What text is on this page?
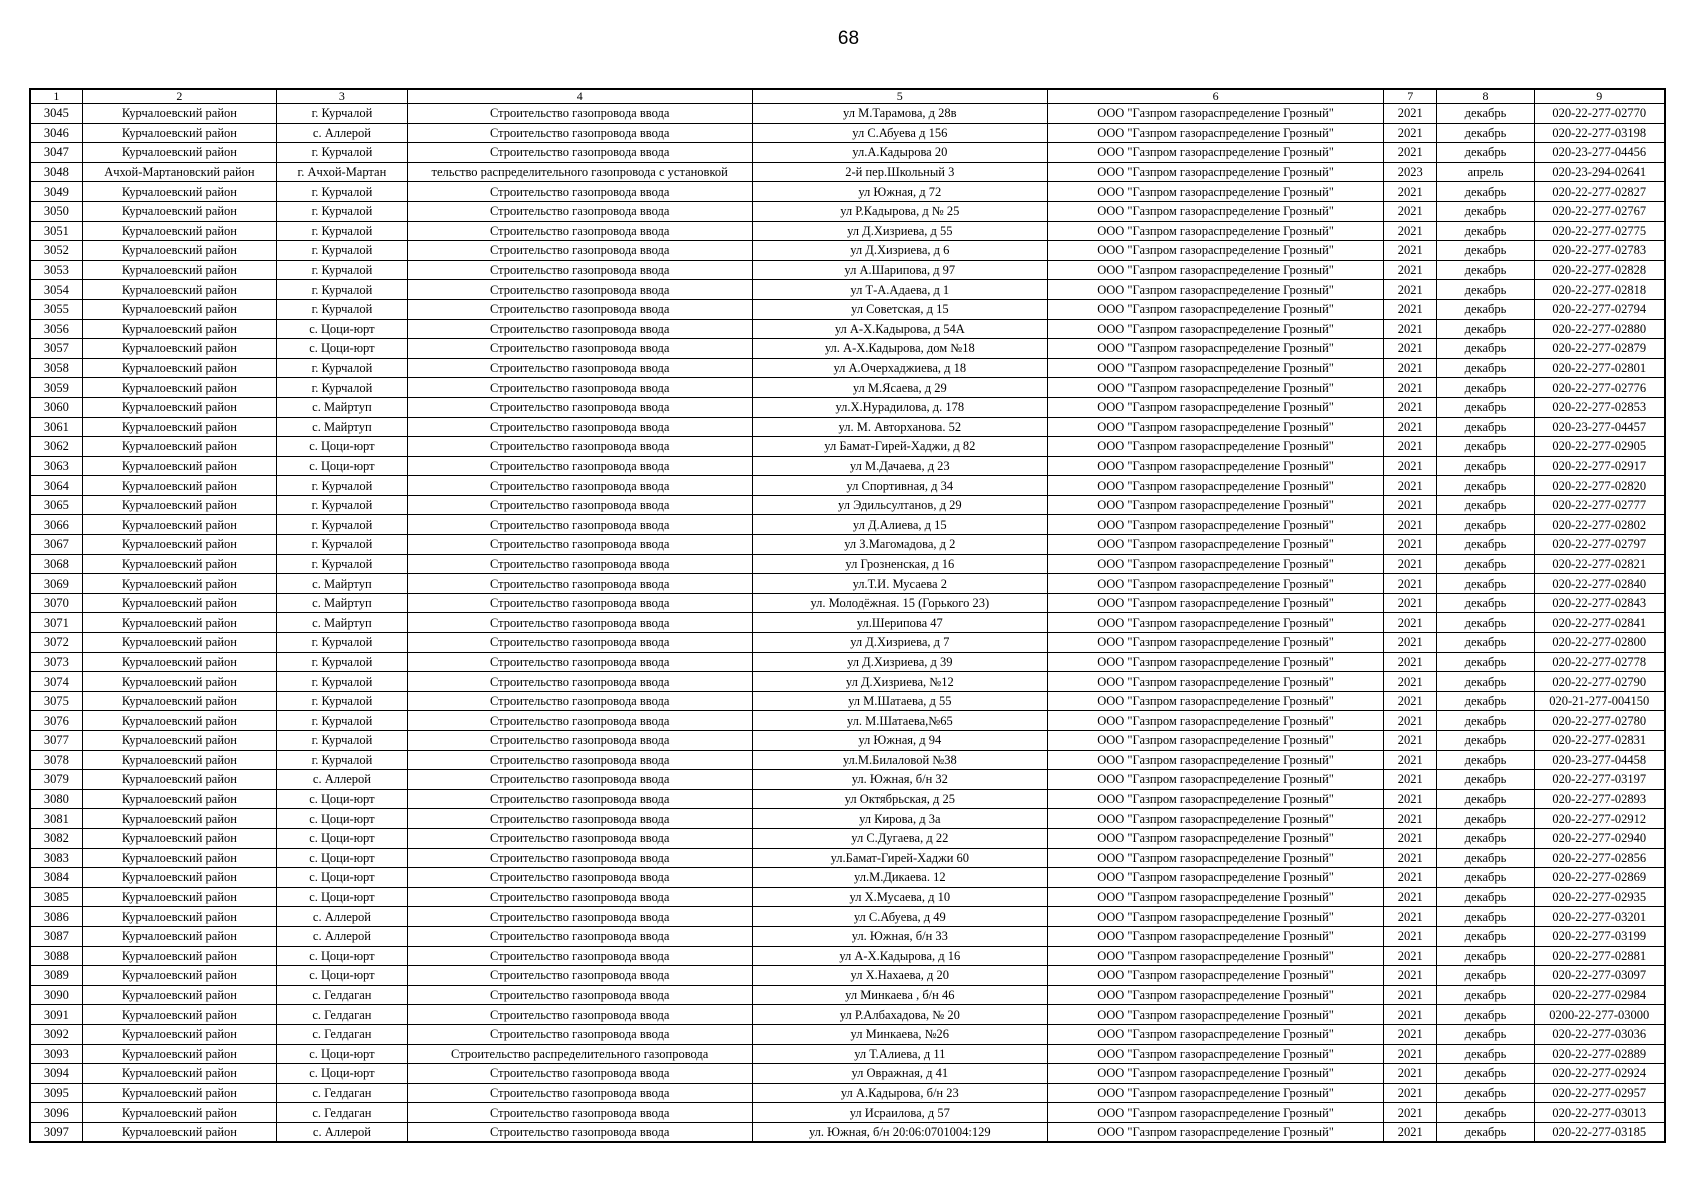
68
1	2	3	4	5	6	7	8	9
3045	Курчалоевский район	г. Курчалой	Строительство газопровода ввода	ул М.Тарамова, д 28в	ООО "Газпром газораспределение Грозный"	2021	декабрь	020-22-277-02770
3046	Курчалоевский район	с. Аллерой	Строительство газопровода ввода	ул С.Абуева д 156	ООО "Газпром газораспределение Грозный"	2021	декабрь	020-22-277-03198
3047	Курчалоевский район	г. Курчалой	Строительство газопровода ввода	ул.А.Кадырова 20	ООО "Газпром газораспределение Грозный"	2021	декабрь	020-23-277-04456
3048	Ачхой-Мартановский район	г. Ачхой-Мартан	тельство распределительного газопровода с установкой	2-й пер.Школьный 3	ООО "Газпром газораспределение Грозный"	2023	апрель	020-23-294-02641
3049	Курчалоевский район	г. Курчалой	Строительство газопровода ввода	ул Южная, д 72	ООО "Газпром газораспределение Грозный"	2021	декабрь	020-22-277-02827
3050	Курчалоевский район	г. Курчалой	Строительство газопровода ввода	ул Р.Кадырова, д № 25	ООО "Газпром газораспределение Грозный"	2021	декабрь	020-22-277-02767
3051	Курчалоевский район	г. Курчалой	Строительство газопровода ввода	ул Д.Хизриева, д 55	ООО "Газпром газораспределение Грозный"	2021	декабрь	020-22-277-02775
3052	Курчалоевский район	г. Курчалой	Строительство газопровода ввода	ул Д.Хизриева, д 6	ООО "Газпром газораспределение Грозный"	2021	декабрь	020-22-277-02783
3053	Курчалоевский район	г. Курчалой	Строительство газопровода ввода	ул А.Шарипова, д 97	ООО "Газпром газораспределение Грозный"	2021	декабрь	020-22-277-02828
3054	Курчалоевский район	г. Курчалой	Строительство газопровода ввода	ул Т-А.Адаева, д 1	ООО "Газпром газораспределение Грозный"	2021	декабрь	020-22-277-02818
3055	Курчалоевский район	г. Курчалой	Строительство газопровода ввода	ул Советская, д 15	ООО "Газпром газораспределение Грозный"	2021	декабрь	020-22-277-02794
3056	Курчалоевский район	с. Цоци-юрт	Строительство газопровода ввода	ул А-Х.Кадырова, д 54А	ООО "Газпром газораспределение Грозный"	2021	декабрь	020-22-277-02880
3057	Курчалоевский район	с. Цоци-юрт	Строительство газопровода ввода	ул. А-Х.Кадырова, дом №18	ООО "Газпром газораспределение Грозный"	2021	декабрь	020-22-277-02879
3058	Курчалоевский район	г. Курчалой	Строительство газопровода ввода	ул А.Очерхаджиева, д 18	ООО "Газпром газораспределение Грозный"	2021	декабрь	020-22-277-02801
3059	Курчалоевский район	г. Курчалой	Строительство газопровода ввода	ул М.Ясаева, д 29	ООО "Газпром газораспределение Грозный"	2021	декабрь	020-22-277-02776
3060	Курчалоевский район	с. Майртуп	Строительство газопровода ввода	ул.Х.Нурадилова, д. 178	ООО "Газпром газораспределение Грозный"	2021	декабрь	020-22-277-02853
3061	Курчалоевский район	с. Майртуп	Строительство газопровода ввода	ул. М. Авторханова. 52	ООО "Газпром газораспределение Грозный"	2021	декабрь	020-23-277-04457
3062	Курчалоевский район	с. Цоци-юрт	Строительство газопровода ввода	ул Бамат-Гирей-Хаджи, д 82	ООО "Газпром газораспределение Грозный"	2021	декабрь	020-22-277-02905
3063	Курчалоевский район	с. Цоци-юрт	Строительство газопровода ввода	ул М.Дачаева, д 23	ООО "Газпром газораспределение Грозный"	2021	декабрь	020-22-277-02917
3064	Курчалоевский район	г. Курчалой	Строительство газопровода ввода	ул Спортивная, д 34	ООО "Газпром газораспределение Грозный"	2021	декабрь	020-22-277-02820
3065	Курчалоевский район	г. Курчалой	Строительство газопровода ввода	ул Эдильсултанов, д 29	ООО "Газпром газораспределение Грозный"	2021	декабрь	020-22-277-02777
3066	Курчалоевский район	г. Курчалой	Строительство газопровода ввода	ул Д.Алиева, д 15	ООО "Газпром газораспределение Грозный"	2021	декабрь	020-22-277-02802
3067	Курчалоевский район	г. Курчалой	Строительство газопровода ввода	ул З.Магомадова, д 2	ООО "Газпром газораспределение Грозный"	2021	декабрь	020-22-277-02797
3068	Курчалоевский район	г. Курчалой	Строительство газопровода ввода	ул Грозненская, д 16	ООО "Газпром газораспределение Грозный"	2021	декабрь	020-22-277-02821
3069	Курчалоевский район	с. Майртуп	Строительство газопровода ввода	ул.Т.И. Мусаева 2	ООО "Газпром газораспределение Грозный"	2021	декабрь	020-22-277-02840
3070	Курчалоевский район	с. Майртуп	Строительство газопровода ввода	ул. Молодёжная. 15 (Горького 23)	ООО "Газпром газораспределение Грозный"	2021	декабрь	020-22-277-02843
3071	Курчалоевский район	с. Майртуп	Строительство газопровода ввода	ул.Шерипова 47	ООО "Газпром газораспределение Грозный"	2021	декабрь	020-22-277-02841
3072	Курчалоевский район	г. Курчалой	Строительство газопровода ввода	ул Д.Хизриева, д 7	ООО "Газпром газораспределение Грозный"	2021	декабрь	020-22-277-02800
3073	Курчалоевский район	г. Курчалой	Строительство газопровода ввода	ул Д.Хизриева, д 39	ООО "Газпром газораспределение Грозный"	2021	декабрь	020-22-277-02778
3074	Курчалоевский район	г. Курчалой	Строительство газопровода ввода	ул Д.Хизриева, №12	ООО "Газпром газораспределение Грозный"	2021	декабрь	020-22-277-02790
3075	Курчалоевский район	г. Курчалой	Строительство газопровода ввода	ул М.Шатаева, д 55	ООО "Газпром газораспределение Грозный"	2021	декабрь	020-21-277-004150
3076	Курчалоевский район	г. Курчалой	Строительство газопровода ввода	ул. М.Шатаева,№65	ООО "Газпром газораспределение Грозный"	2021	декабрь	020-22-277-02780
3077	Курчалоевский район	г. Курчалой	Строительство газопровода ввода	ул Южная, д 94	ООО "Газпром газораспределение Грозный"	2021	декабрь	020-22-277-02831
3078	Курчалоевский район	г. Курчалой	Строительство газопровода ввода	ул.М.Билаловой №38	ООО "Газпром газораспределение Грозный"	2021	декабрь	020-23-277-04458
3079	Курчалоевский район	с. Аллерой	Строительство газопровода ввода	ул. Южная, б/н 32	ООО "Газпром газораспределение Грозный"	2021	декабрь	020-22-277-03197
3080	Курчалоевский район	с. Цоци-юрт	Строительство газопровода ввода	ул Октябрьская, д 25	ООО "Газпром газораспределение Грозный"	2021	декабрь	020-22-277-02893
3081	Курчалоевский район	с. Цоци-юрт	Строительство газопровода ввода	ул Кирова, д 3а	ООО "Газпром газораспределение Грозный"	2021	декабрь	020-22-277-02912
3082	Курчалоевский район	с. Цоци-юрт	Строительство газопровода ввода	ул С.Дугаева, д 22	ООО "Газпром газораспределение Грозный"	2021	декабрь	020-22-277-02940
3083	Курчалоевский район	с. Цоци-юрт	Строительство газопровода ввода	ул.Бамат-Гирей-Хаджи 60	ООО "Газпром газораспределение Грозный"	2021	декабрь	020-22-277-02856
3084	Курчалоевский район	с. Цоци-юрт	Строительство газопровода ввода	ул.М.Дикаева. 12	ООО "Газпром газораспределение Грозный"	2021	декабрь	020-22-277-02869
3085	Курчалоевский район	с. Цоци-юрт	Строительство газопровода ввода	ул Х.Мусаева, д 10	ООО "Газпром газораспределение Грозный"	2021	декабрь	020-22-277-02935
3086	Курчалоевский район	с. Аллерой	Строительство газопровода ввода	ул С.Абуева, д 49	ООО "Газпром газораспределение Грозный"	2021	декабрь	020-22-277-03201
3087	Курчалоевский район	с. Аллерой	Строительство газопровода ввода	ул. Южная, б/н 33	ООО "Газпром газораспределение Грозный"	2021	декабрь	020-22-277-03199
3088	Курчалоевский район	с. Цоци-юрт	Строительство газопровода ввода	ул А-Х.Кадырова, д 16	ООО "Газпром газораспределение Грозный"	2021	декабрь	020-22-277-02881
3089	Курчалоевский район	с. Цоци-юрт	Строительство газопровода ввода	ул Х.Нахаева, д 20	ООО "Газпром газораспределение Грозный"	2021	декабрь	020-22-277-03097
3090	Курчалоевский район	с. Гелдаган	Строительство газопровода ввода	ул Минкаева , б/н 46	ООО "Газпром газораспределение Грозный"	2021	декабрь	020-22-277-02984
3091	Курчалоевский район	с. Гелдаган	Строительство газопровода ввода	ул Р.Албахадова, № 20	ООО "Газпром газораспределение Грозный"	2021	декабрь	0200-22-277-03000
3092	Курчалоевский район	с. Гелдаган	Строительство газопровода ввода	ул Минкаева, №26	ООО "Газпром газораспределение Грозный"	2021	декабрь	020-22-277-03036
3093	Курчалоевский район	с. Цоци-юрт	Строительство распределительного газопровода	ул Т.Алиева, д 11	ООО "Газпром газораспределение Грозный"	2021	декабрь	020-22-277-02889
3094	Курчалоевский район	с. Цоци-юрт	Строительство газопровода ввода	ул Овражная, д 41	ООО "Газпром газораспределение Грозный"	2021	декабрь	020-22-277-02924
3095	Курчалоевский район	с. Гелдаган	Строительство газопровода ввода	ул А.Кадырова, б/н 23	ООО "Газпром газораспределение Грозный"	2021	декабрь	020-22-277-02957
3096	Курчалоевский район	с. Гелдаган	Строительство газопровода ввода	ул Исраилова, д 57	ООО "Газпром газораспределение Грозный"	2021	декабрь	020-22-277-03013
3097	Курчалоевский район	с. Аллерой	Строительство газопровода ввода	ул. Южная, б/н 20:06:0701004:129	ООО "Газпром газораспределение Грозный"	2021	декабрь	020-22-277-03185
